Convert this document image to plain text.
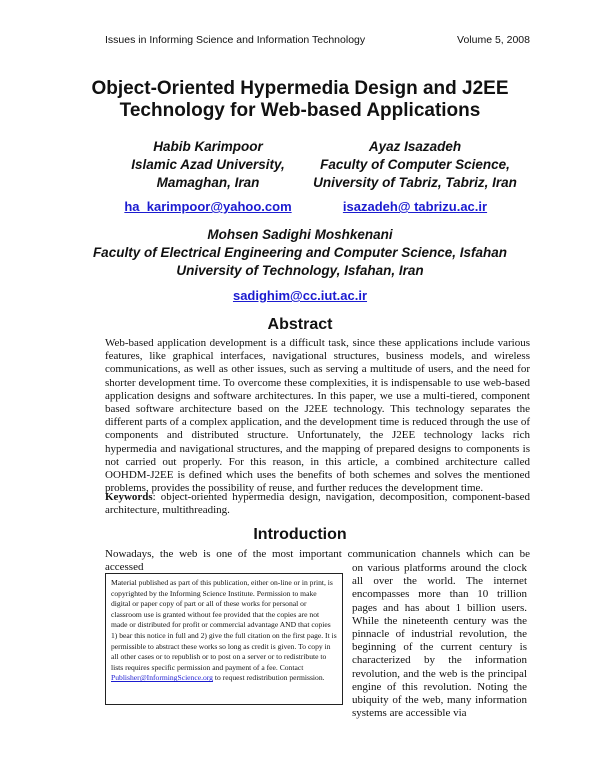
Issues in Informing Science and Information Technology	Volume 5, 2008
Object-Oriented Hypermedia Design and J2EE
Technology for Web-based Applications
Habib Karimpoor
Islamic Azad University,
Mamaghan, Iran
Ayaz Isazadeh
Faculty of Computer Science,
University of Tabriz, Tabriz, Iran
ha_karimpoor@yahoo.com	isazadeh@ tabrizu.ac.ir
Mohsen Sadighi Moshkenani
Faculty of Electrical Engineering and Computer Science, Isfahan
University of Technology, Isfahan, Iran
sadighim@cc.iut.ac.ir
Abstract
Web-based application development is a difficult task, since these applications include various features, like graphical interfaces, navigational structures, business models, and wireless communications, as well as other issues, such as serving a multitude of users, and the need for shorter development time. To overcome these complexities, it is indispensable to use web-based application designs and software architectures. In this paper, we use a multi-tiered, component based software architecture based on the J2EE technology. This technology separates the different parts of a complex application, and the development time is reduced through the use of components and distributed structure. Unfortunately, the J2EE technology lacks rich hypermedia and navigational structures, and the mapping of prepared designs to components is not carried out properly. For this reason, in this article, a combined architecture called OOHDM-J2EE is defined which uses the benefits of both schemes and solves the mentioned problems, provides the possibility of reuse, and further reduces the development time.
Keywords: object-oriented hypermedia design, navigation, decomposition, component-based architecture, multithreading.
Introduction
Nowadays, the web is one of the most important communication channels which can be accessed	on various platforms around the clock all over the world. The internet encompasses more than 10 trillion pages and has about 1 billion users. While the nineteenth century was the pinnacle of industrial revolution, the beginning of the current century is characterized by the information revolution, and the web is the principal engine of this revolution. Noting the ubiquity of the web, many information systems are accessible via
Material published as part of this publication, either on-line or in print, is copyrighted by the Informing Science Institute. Permission to make digital or paper copy of part or all of these works for personal or classroom use is granted without fee provided that the copies are not made or distributed for profit or commercial advantage AND that copies 1) bear this notice in full and 2) give the full citation on the first page. It is permissible to abstract these works so long as credit is given. To copy in all other cases or to republish or to post on a server or to redistribute to lists requires specific permission and payment of a fee. Contact Publisher@InformingScience.org to request redistribution permission.
